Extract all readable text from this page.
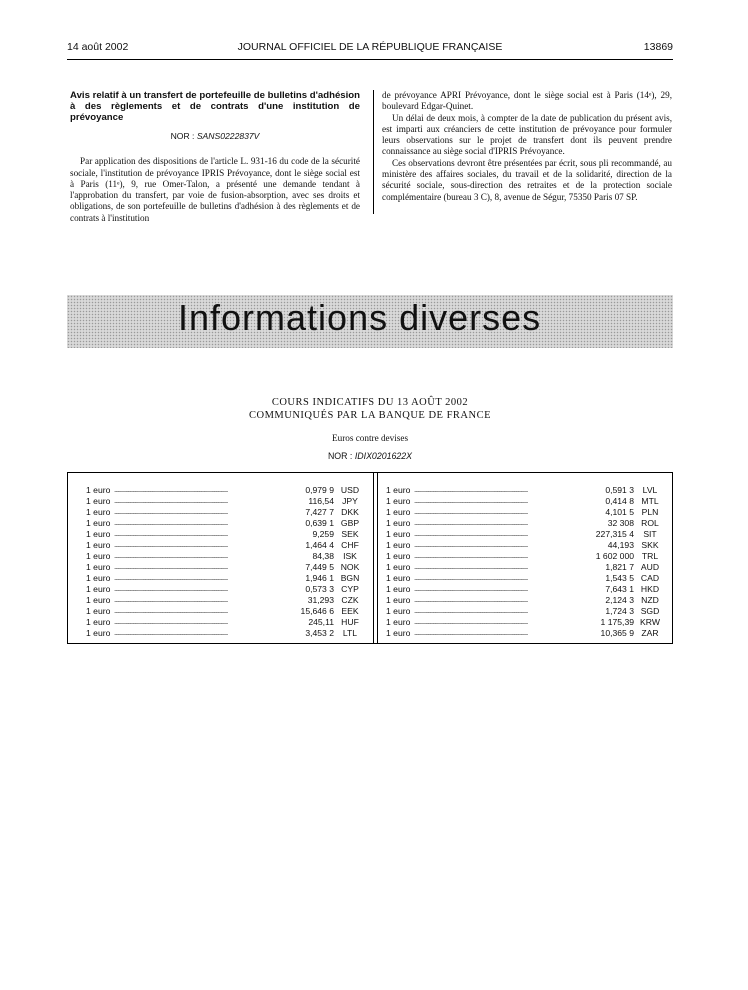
14 août 2002	JOURNAL OFFICIEL DE LA RÉPUBLIQUE FRANÇAISE	13869

Avis relatif à un transfert de portefeuille de bulletins d'adhésion à des règlements et de contrats d'une institution de prévoyance

NOR : SANS0222837V

Par application des dispositions de l'article L. 931-16 du code de la sécurité sociale, l'institution de prévoyance IPRIS Prévoyance, dont le siège social est à Paris (11ᵉ), 9, rue Omer-Talon, a présenté une demande tendant à l'approbation du transfert, par voie de fusion-absorption, avec ses droits et obligations, de son portefeuille de bulletins d'adhésion à des règlements et de contrats à l'institution

de prévoyance APRI Prévoyance, dont le siège social est à Paris (14ᵉ), 29, boulevard Edgar-Quinet.

Un délai de deux mois, à compter de la date de publication du présent avis, est imparti aux créanciers de cette institution de prévoyance pour formuler leurs observations sur le projet de transfert dont ils peuvent prendre connaissance au siège social d'IPRIS Prévoyance.

Ces observations devront être présentées par écrit, sous pli recommandé, au ministère des affaires sociales, du travail et de la solidarité, direction de la sécurité sociale, sous-direction des retraites et de la protection sociale complémentaire (bureau 3 C), 8, avenue de Ségur, 75350 Paris 07 SP.

Informations diverses
COURS INDICATIFS DU 13 AOÛT 2002
COMMUNIQUÉS PAR LA BANQUE DE FRANCE
Euros contre devises
NOR : IDIX0201622X
1 euro ........................................................................................................................	0,979 9 USD
1 euro ........................................................................................................................	116,54 JPY
1 euro ........................................................................................................................	7,427 7 DKK
1 euro ........................................................................................................................	0,639 1 GBP
1 euro ........................................................................................................................	9,259 SEK
1 euro ........................................................................................................................	1,464 4 CHF
1 euro ........................................................................................................................	84,38	ISK
1 euro ........................................................................................................................	7,449 5 NOK
1 euro ........................................................................................................................	1,946 1 BGN
1 euro ........................................................................................................................	0,573 3 CYP
1 euro ........................................................................................................................	31,293 CZK
1 euro ........................................................................................................................	15,646 6 EEK
1 euro ........................................................................................................................	245,11 HUF
1 euro ........................................................................................................................	3,453 2	LTL
1 euro ........................................................................................................................	0,591 3	LVL
1 euro ........................................................................................................................	0,414 8 MTL
1 euro ........................................................................................................................	4,101 5 PLN
1 euro ........................................................................................................................	32 308 ROL
1 euro ........................................................................................................................	227,315 4	SIT
1 euro ........................................................................................................................	44,193 SKK
1 euro ........................................................................................................................	1 602 000 TRL
1 euro ........................................................................................................................	1,821 7 AUD
1 euro ........................................................................................................................	1,543 5 CAD
1 euro ........................................................................................................................	7,643 1 HKD
1 euro ........................................................................................................................	2,124 3 NZD
1 euro ........................................................................................................................	1,724 3 SGD
1 euro ........................................................................................................................	1 175,39 KRW
1 euro ........................................................................................................................	10,365 9 ZAR
